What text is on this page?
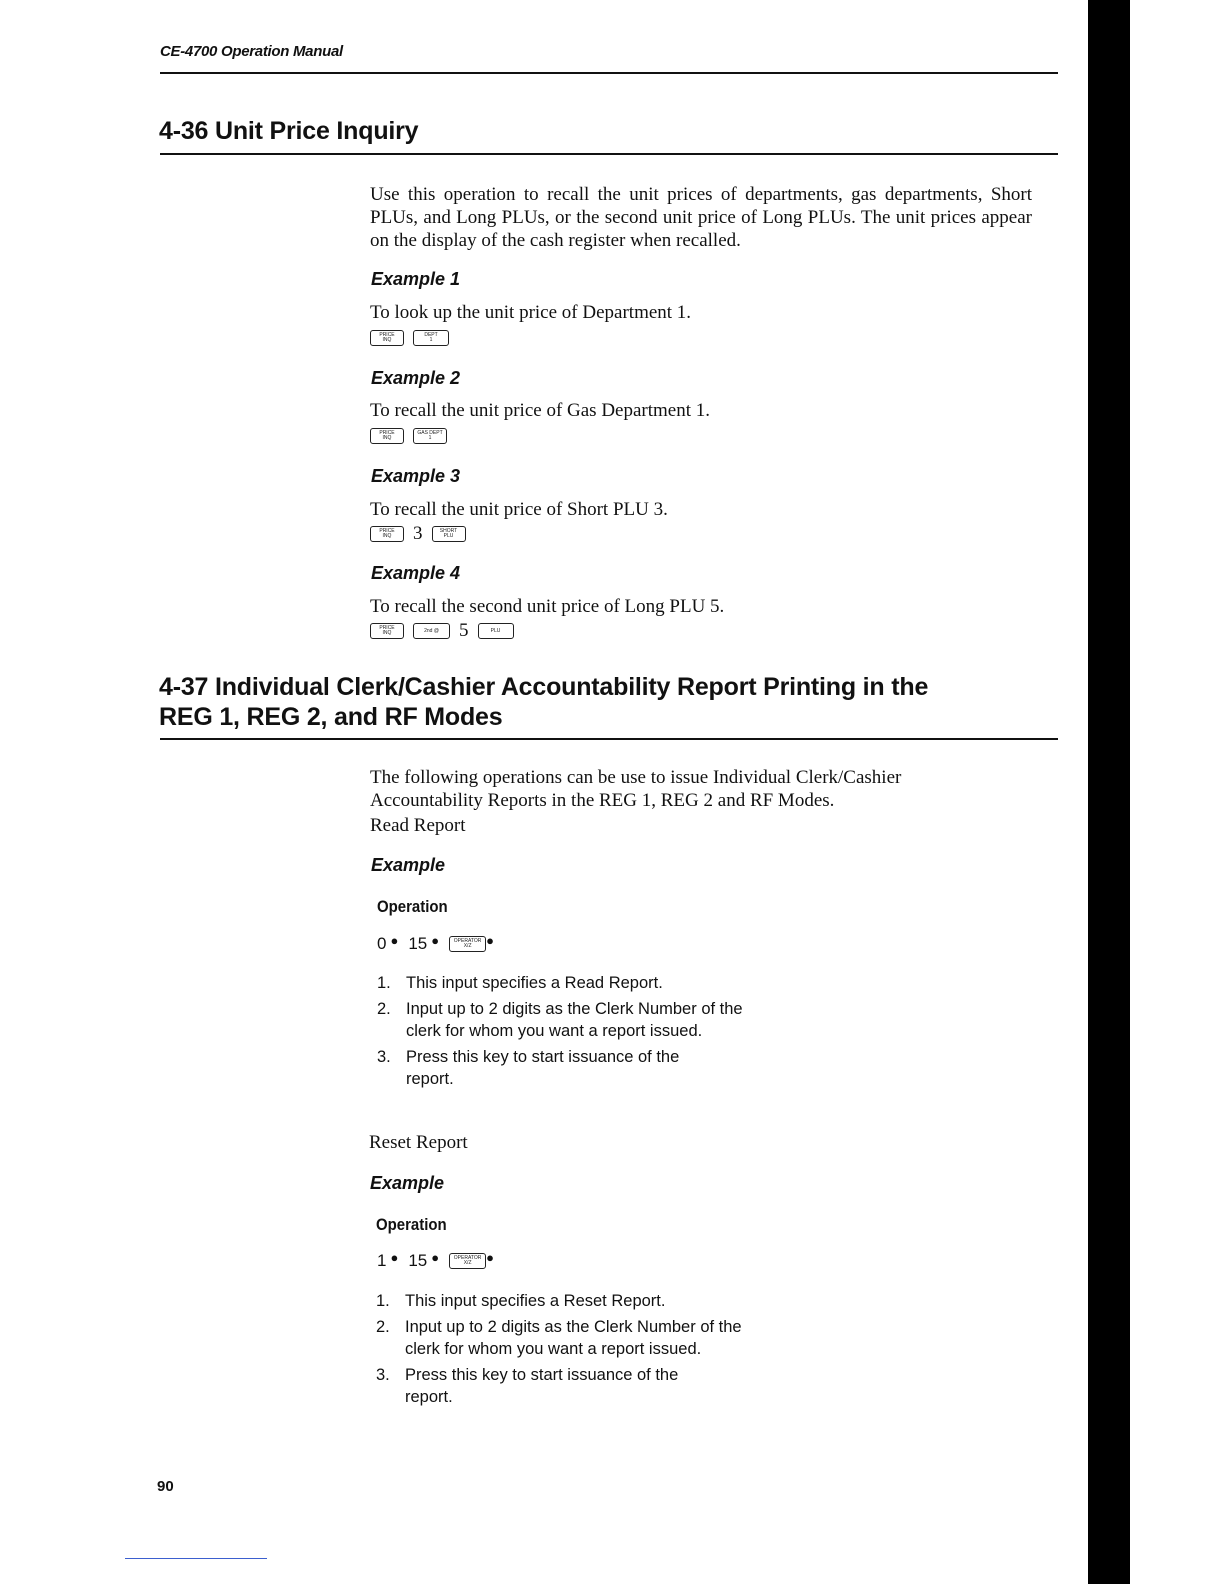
CE-4700 Operation Manual
4-36 Unit Price Inquiry
Use this operation to recall the unit prices of departments, gas departments, Short PLUs, and Long PLUs, or the second unit price of Long PLUs. The unit prices appear on the display of the cash register when recalled.
Example 1
To look up the unit price of Department 1.
PRICE
INQ
DEPT
1
Example 2
To recall the unit price of Gas Department 1.
PRICE
INQ
GAS DEPT
1
Example 3
To recall the unit price of Short PLU 3.
PRICE
INQ 3	SHORT
PLU
Example 4
To recall the second unit price of Long PLU 5.
PRICE
INQ	2nd @ 5	PLU
4-37 Individual Clerk/Cashier Accountability Report Printing in the
REG 1, REG 2, and RF Modes
The following operations can be use to issue Individual Clerk/Cashier Accountability Reports in the REG 1, REG 2 and RF Modes.
Read Report
Example
Operation
0 ● 15 ●	OPERATOR
X/Z ●
1. This input specifies a Read Report.
2. Input up to 2 digits as the Clerk Number of the clerk for whom you want a report issued.
3. Press this key to start issuance of the report.
Reset Report
Example
Operation
1 ● 15 ●	OPERATOR
X/Z ●
1. This input specifies a Reset Report.
2. Input up to 2 digits as the Clerk Number of the clerk for whom you want a report issued.
3. Press this key to start issuance of the report.
90
